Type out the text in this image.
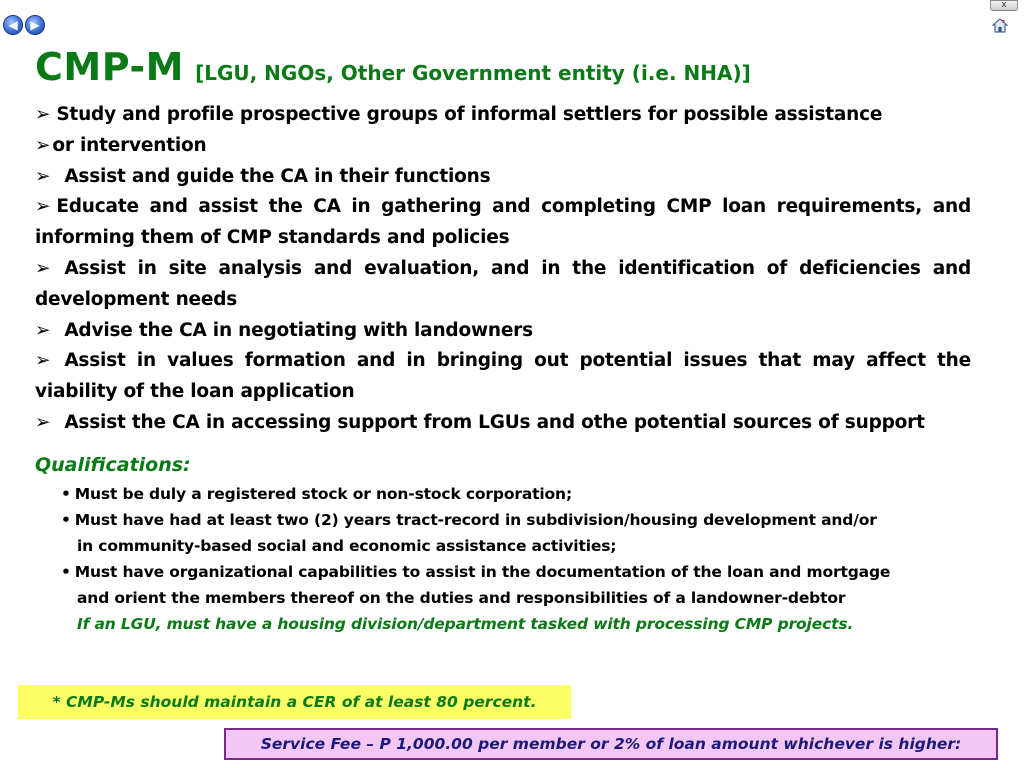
◀	▶
x
CMP-M [LGU, NGOs, Other Government entity (i.e. NHA)]

➢ Study and profile prospective groups of informal settlers for possible assistance

➢ or intervention

➢ Assist and guide the CA in their functions

➢ Educate and assist the CA in gathering and completing CMP loan requirements, and informing them of CMP standards and policies

➢ Assist in site analysis and evaluation, and in the identification of deficiencies and development needs

➢ Advise the CA in negotiating with landowners

➢ Assist in values formation and in bringing out potential issues that may affect the viability of the loan application

➢ Assist the CA in accessing support from LGUs and othe potential sources of support

Qualifications:
• Must be duly a registered stock or non-stock corporation;
• Must have had at least two (2) years tract-record in subdivision/housing development and/or
in community-based social and economic assistance activities;
• Must have organizational capabilities to assist in the documentation of the loan and mortgage
and orient the members thereof on the duties and responsibilities of a landowner-debtor
If an LGU, must have a housing division/department tasked with processing CMP projects.
* CMP-Ms should maintain a CER of at least 80 percent.
Service Fee – P 1,000.00 per member or 2% of loan amount whichever is higher:
